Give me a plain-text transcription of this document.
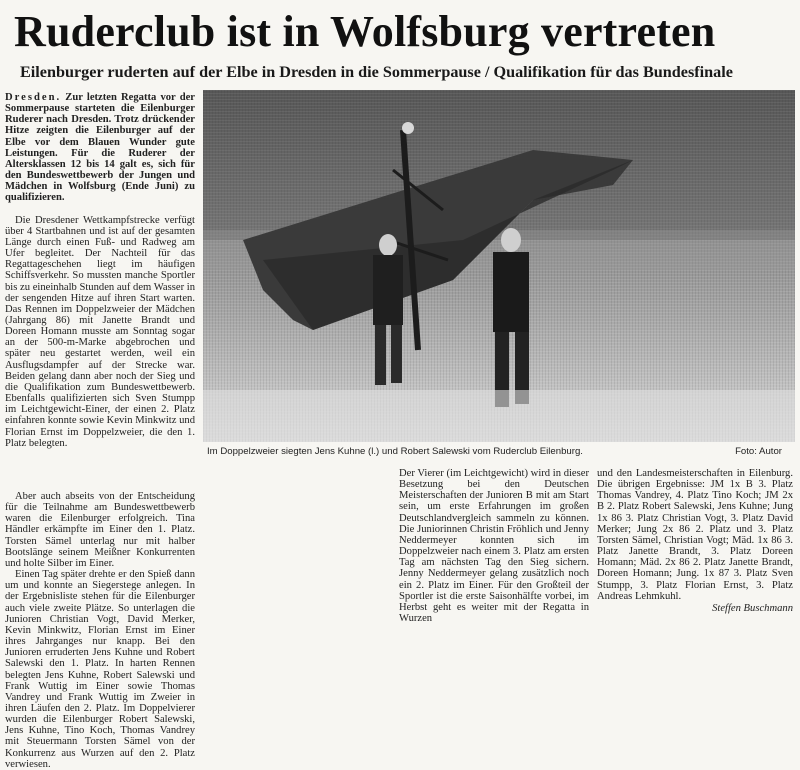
Ruderclub ist in Wolfsburg vertreten
Eilenburger ruderten auf der Elbe in Dresden in die Sommerpause / Qualifikation für das Bundesfinale

Dresden. Zur letzten Regatta vor der Sommerpause starteten die Eilenburger Ruderer nach Dresden. Trotz drückender Hitze zeigten die Eilenburger auf der Elbe vor dem Blauen Wunder gute Leistungen. Für die Ruderer der Altersklassen 12 bis 14 galt es, sich für den Bundeswettbewerb der Jungen und Mädchen in Wolfsburg (Ende Juni) zu qualifizieren.

Die Dresdener Wettkampfstrecke verfügt über 4 Startbahnen und ist auf der gesamten Länge durch einen Fuß- und Radweg am Ufer begleitet. Der Nachteil für das Regattageschehen liegt im häufigen Schiffsverkehr. So mussten manche Sportler bis zu eineinhalb Stunden auf dem Wasser in der sengenden Hitze auf ihren Start warten. Das Rennen im Doppelzweier der Mädchen (Jahrgang 86) mit Janette Brandt und Doreen Homann musste am Sonntag sogar an der 500-m-Marke abgebrochen und später neu gestartet werden, weil ein Ausflugsdampfer auf der Strecke war. Beiden gelang dann aber noch der Sieg und die Qualifikation zum Bundeswettbewerb. Ebenfalls qualifizierten sich Sven Stumpp im Leichtgewicht-Einer, der einen 2. Platz einfahren konnte sowie Kevin Minkwitz und Florian Ernst im Doppelzweier, die den 1. Platz belegten.

Im Doppelzweier siegten Jens Kuhne (l.) und Robert Salewski vom Ruderclub Eilenburg.	Foto: Autor

Aber auch abseits von der Entscheidung für die Teilnahme am Bundeswettbewerb waren die Eilenburger erfolgreich. Tina Händler erkämpfte im Einer den 1. Platz. Torsten Sämel unterlag nur mit halber Bootslänge seinem Meißner Konkurrenten und holte Silber im Einer.

Einen Tag später drehte er den Spieß dann um und konnte an Siegerstege anlegen. In der Ergebnisliste stehen für die Eilenburger auch viele zweite Plätze. So unterlagen die Junioren Christian Vogt, David Merker, Kevin Minkwitz, Florian Ernst im Einer ihres Jahrganges nur knapp. Bei den Junioren erruderten Jens Kuhne und Robert Salewski den 1. Platz. In harten Rennen belegten Jens Kuhne, Robert Salewski und Frank Wuttig im Einer sowie Thomas Vandrey und Frank Wuttig im Zweier in ihren Läufen den 2. Platz. Im Doppelvierer wurden die Eilenburger Robert Salewski, Jens Kuhne, Tino Koch, Thomas Vandrey mit Steuermann Torsten Sämel von der Konkurrenz aus Wurzen auf den 2. Platz verwiesen.

Der Vierer (im Leichtgewicht) wird in dieser Besetzung bei den Deutschen Meisterschaften der Junioren B mit am Start sein, um erste Erfahrungen im großen Deutschlandvergleich sammeln zu können. Die Juniorinnen Christin Fröhlich und Jenny Neddermeyer konnten sich im Doppelzweier nach einem 3. Platz am ersten Tag am nächsten Tag den Sieg sichern. Jenny Neddermeyer gelang zusätzlich noch ein 2. Platz im Einer. Für den Großteil der Sportler ist die erste Saisonhälfte vorbei, im Herbst geht es weiter mit der Regatta in Wurzen

und den Landesmeisterschaften in Eilenburg. Die übrigen Ergebnisse: JM 1x B 3. Platz Thomas Vandrey, 4. Platz Tino Koch; JM 2x B 2. Platz Robert Salewski, Jens Kuhne; Jung 1x 86 3. Platz Christian Vogt, 3. Platz David Merker; Jung 2x 86 2. Platz und 3. Platz Torsten Sämel, Christian Vogt; Mäd. 1x 86 3. Platz Janette Brandt, 3. Platz Doreen Homann; Mäd. 2x 86 2. Platz Janette Brandt, Doreen Homann; Jung. 1x 87 3. Platz Sven Stumpp, 3. Platz Florian Ernst, 3. Platz Andreas Lehmkuhl.

Steffen Buschmann
